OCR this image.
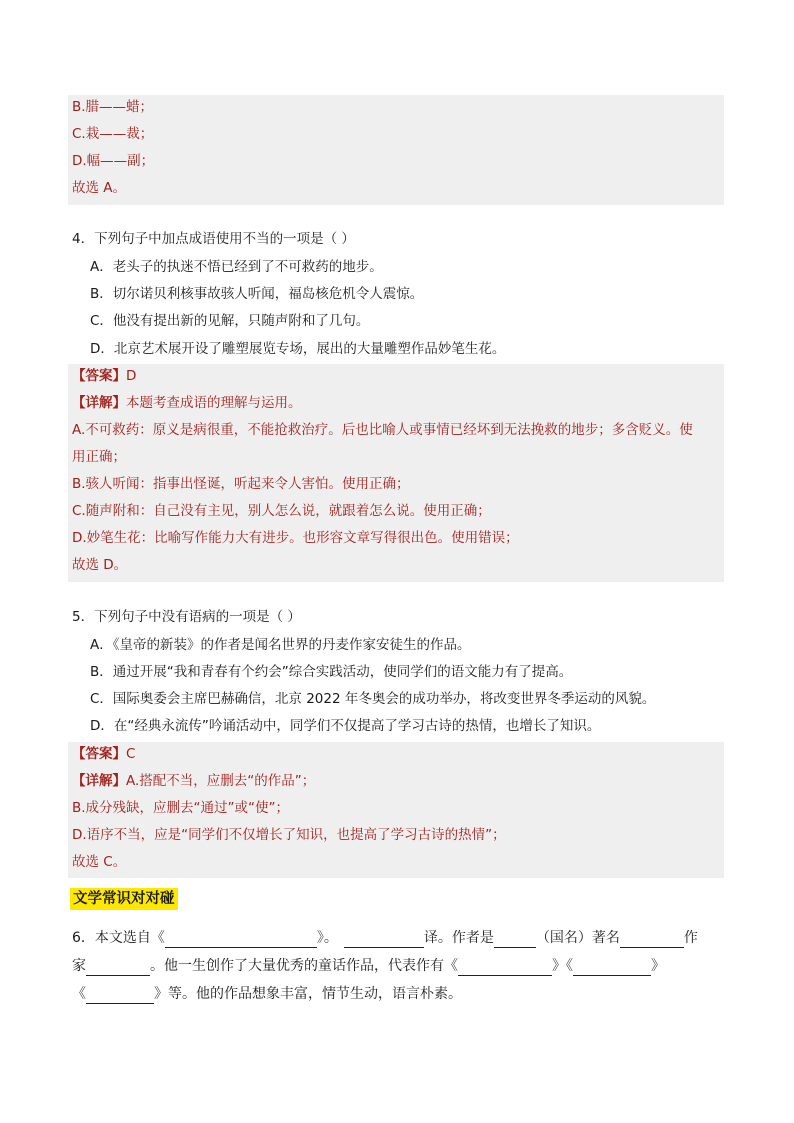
B.腊——蜡；
C.栽——裁；
D.幅——副；
故选 A。
4．下列句子中加点成语使用不当的一项是（ ）
A．老头子的执迷不悟已经到了不可救药的地步。
B．切尔诺贝利核事故骇人听闻，福岛核危机令人震惊。
C．他没有提出新的见解，只随声附和了几句。
D．北京艺术展开设了雕塑展览专场，展出的大量雕塑作品妙笔生花。
【答案】D
【详解】本题考查成语的理解与运用。
A.不可救药：原义是病很重，不能抢救治疗。后也比喻人或事情已经坏到无法挽救的地步；多含贬义。使
用正确；
B.骇人听闻：指事出怪诞，听起来令人害怕。使用正确；
C.随声附和：自己没有主见，别人怎么说，就跟着怎么说。使用正确；
D.妙笔生花：比喻写作能力大有进步。也形容文章写得很出色。使用错误；
故选 D。
5．下列句子中没有语病的一项是（ ）
A．《皇帝的新装》的作者是闻名世界的丹麦作家安徒生的作品。
B．通过开展“我和青春有个约会”综合实践活动，使同学们的语文能力有了提高。
C．国际奥委会主席巴赫确信，北京 2022 年冬奥会的成功举办，将改变世界冬季运动的风貌。
D．在“经典永流传”吟诵活动中，同学们不仅提高了学习古诗的热情，也增长了知识。
【答案】C
【详解】A.搭配不当，应删去“的作品”；
B.成分残缺，应删去“通过”或“使”；
D.语序不当，应是“同学们不仅增长了知识，也提高了学习古诗的热情”；
故选 C。
文学常识对对碰
6．本文选自《	》。	译。作者是	（国名）著名	作
家	。他一生创作了大量优秀的童话作品，代表作有《	》《	》
《	》等。他的作品想象丰富，情节生动，语言朴素。
